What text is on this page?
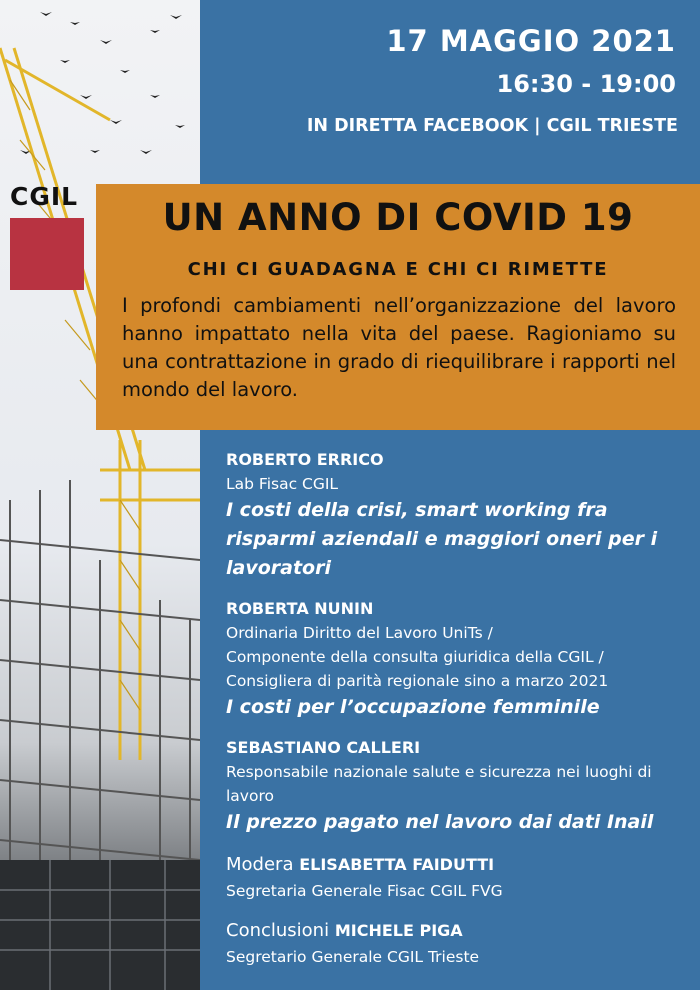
17 MAGGIO 2021
16:30 - 19:00
IN DIRETTA FACEBOOK | CGIL TRIESTE
UN ANNO DI COVID 19
CHI CI GUADAGNA E CHI CI RIMETTE
I profondi cambiamenti nell’organizzazione del lavoro hanno impattato nella vita del paese. Ragioniamo su una contrattazione in grado di riequilibrare i rapporti nel mondo del lavoro.
CGIL
ROBERTO ERRICO
Lab Fisac CGIL
I costi della crisi, smart working fra risparmi aziendali e maggiori oneri per i lavoratori
ROBERTA NUNIN
Ordinaria Diritto del Lavoro UniTs /
Componente della consulta giuridica della CGIL /
Consigliera di parità regionale sino a marzo 2021
I costi per l’occupazione femminile
SEBASTIANO CALLERI
Responsabile nazionale salute e sicurezza nei luoghi di lavoro
Il prezzo pagato nel lavoro dai dati Inail
Modera ELISABETTA FAIDUTTI
Segretaria Generale Fisac CGIL FVG
Conclusioni MICHELE PIGA
Segretario Generale CGIL Trieste
